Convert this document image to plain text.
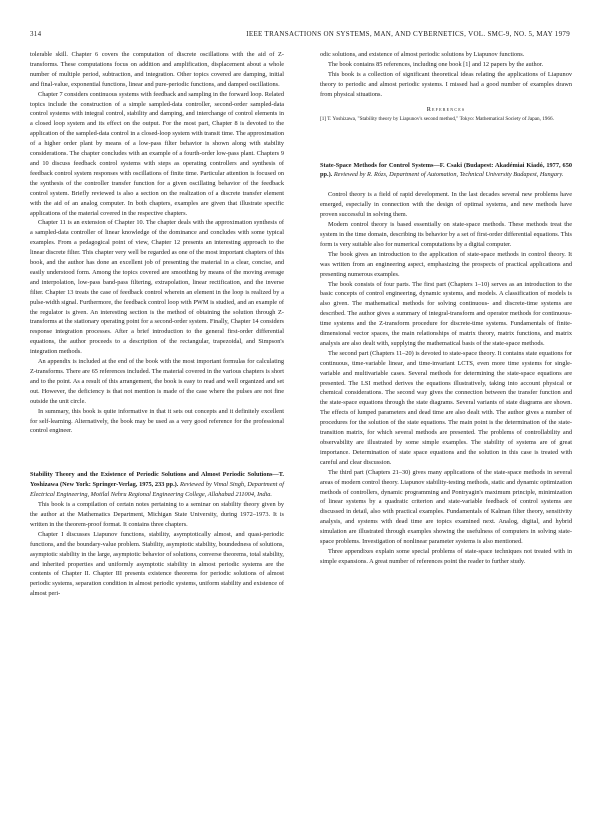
314	IEEE TRANSACTIONS ON SYSTEMS, MAN, AND CYBERNETICS, VOL. SMC-9, NO. 5, MAY 1979

tolerable skill. Chapter 6 covers the computation of discrete oscillations with the aid of Z-transforms. These computations focus on addition and amplification, displacement about a whole number of multiple period, subtraction, and integration. Other topics covered are damping, initial and final-value, exponential functions, linear and pure-periodic functions, and damped oscillations.

Chapter 7 considers continuous systems with feedback and sampling in the forward loop. Related topics include the construction of a simple sampled-data controller, second-order sampled-data control systems with integral control, stability and damping, and interchange of control elements in a closed loop system and its effect on the output. For the most part, Chapter 8 is devoted to the application of the sampled-data control in a closed-loop system with transit time. The approximation of a higher order plant by means of a low-pass filter behavior is shown along with stability considerations. The chapter concludes with an example of a fourth-order low-pass plant. Chapters 9 and 10 discuss feedback control systems with steps as operating controllers and synthesis of feedback control system responses with oscillations of finite time. Particular attention is focused on the synthesis of the controller transfer function for a given oscillating behavior of the feedback control system. Briefly reviewed is also a section on the realization of a discrete transfer element with the aid of an analog computer. In both chapters, examples are given that illustrate specific applications of the material covered in the respective chapters.

Chapter 11 is an extension of Chapter 10. The chapter deals with the approximation synthesis of a sampled-data controller of linear knowledge of the dominance and concludes with some typical examples. From a pedagogical point of view, Chapter 12 presents an interesting approach to the linear discrete filter. This chapter very well be regarded as one of the most important chapters of this book, and the author has done an excellent job of presenting the material in a clear, concise, and easily understood form. Among the topics covered are smoothing by means of the moving average and interpolation, low-pass band-pass filtering, extrapolation, linear rectification, and the inverse filter. Chapter 13 treats the case of feedback control wherein an element in the loop is realized by a pulse-width signal. Furthermore, the feedback control loop with PWM is studied, and an example of the regulator is given. An interesting section is the method of obtaining the solution through Z-transforms at the stationary operating point for a second-order system. Finally, Chapter 14 considers response integration processes. After a brief introduction to the general first-order differential equations, the author proceeds to a description of the rectangular, trapezoidal, and Simpson's integration methods.

An appendix is included at the end of the book with the most important formulas for calculating Z-transforms. There are 65 references included. The material covered in the various chapters is short and to the point. As a result of this arrangement, the book is easy to read and well organized and set out. However, the deficiency is that not mention is made of the case where the pulses are not fine outside the unit circle.

In summary, this book is quite informative in that it sets out concepts and it definitely excellent for self-learning. Alternatively, the book may be used as a very good reference for the professional control engineer.

Stability Theory and the Existence of Periodic Solutions and Almost Periodic Solutions—T. Yoshizawa (New York: Springer-Verlag, 1975, 233 pp.). Reviewed by Vimal Singh, Department of Electrical Engineering, Motilal Nehru Regional Engineering College, Allahabad 211004, India.

This book is a compilation of certain notes pertaining to a seminar on stability theory given by the author at the Mathematics Department, Michigan State University, during 1972–1973. It is written in the theorem-proof format. It contains three chapters.

Chapter I discusses Liapunov functions, stability, asymptotically almost, and quasi-periodic functions, and the boundary-value problem. Stability, asymptotic stability, boundedness of solutions, asymptotic stability in the large, asymptotic behavior of solutions, converse theorems, total stability, and inherited properties and uniformly asymptotic stability in almost periodic systems are the contents of Chapter II. Chapter III presents existence theorems for periodic solutions of almost periodic systems, separation condition in almost periodic systems, uniform stability and existence of almost peri-

odic solutions, and existence of almost periodic solutions by Liapunov functions.

The book contains 85 references, including one book [1] and 12 papers by the author.

This book is a collection of significant theoretical ideas relating the applications of Liapunov theory to periodic and almost periodic systems. I missed had a good number of examples drawn from physical situations.

References
[1] T. Yoshizawa, "Stability theory by Liapunov's second method," Tokyo: Mathematical Society of Japan, 1966.
State-Space Methods for Control Systems—F. Csaki (Budapest: Akadémiai Kiadó, 1977, 650 pp.). Reviewed by R. Rózs, Department of Automation, Technical University Budapest, Hungary.

Control theory is a field of rapid development. In the last decades several new problems have emerged, especially in connection with the design of optimal systems, and new methods have proven successful in solving them.

Modern control theory is based essentially on state-space methods. These methods treat the system in the time domain, describing its behavior by a set of first-order differential equations. This form is very suitable also for numerical computations by a digital computer.

The book gives an introduction to the application of state-space methods in control theory. It was written from an engineering aspect, emphasizing the prospects of practical applications and presenting numerous examples.

The book consists of four parts. The first part (Chapters 1–10) serves as an introduction to the basic concepts of control engineering, dynamic systems, and models. A classification of models is also given. The mathematical methods for solving continuous- and discrete-time systems are described. The author gives a summary of integral-transform and operator methods for continuous-time systems and the Z-transform procedure for discrete-time systems. Fundamentals of finite-dimensional vector spaces, the main relationships of matrix theory, matrix functions, and matrix analysis are also dealt with, supplying the mathematical basis of the state-space methods.

The second part (Chapters 11–20) is devoted to state-space theory. It contains state equations for continuous, time-variable linear, and time-invariant LCTS, even more time systems for single-variable and multivariable cases. Several methods for determining the state-space equations are presented. The LSI method derives the equations illustratively, taking into account physical or chemical considerations. The second way gives the connection between the transfer function and the state-space equations through the state diagrams. Several variants of state diagrams are shown. The effects of lumped parameters and dead time are also dealt with. The author gives a number of procedures for the solution of the state equations. The main point is the determination of the state-transition matrix, for which several methods are presented. The problems of controllability and observability are illustrated by some simple examples. The stability of systems are of great importance. Determination of state space equations and the solution in this case is treated with careful and clear discussion.

The third part (Chapters 21–30) gives many applications of the state-space methods in several areas of modern control theory. Liapunov stability-testing methods, static and dynamic optimization methods of controllers, dynamic programming and Pontryagin's maximum principle, minimization of linear systems by a quadratic criterion and state-variable feedback of control systems are discussed in detail, also with practical examples. Fundamentals of Kalman filter theory, sensitivity analysis, and systems with dead time are topics examined next. Analog, digital, and hybrid simulation are illustrated through examples showing the usefulness of computers in solving state-space problems. Investigation of nonlinear parameter systems is also mentioned.

Three appendixes explain some special problems of state-space techniques not treated with in simple expansions. A great number of references point the reader to further study.
